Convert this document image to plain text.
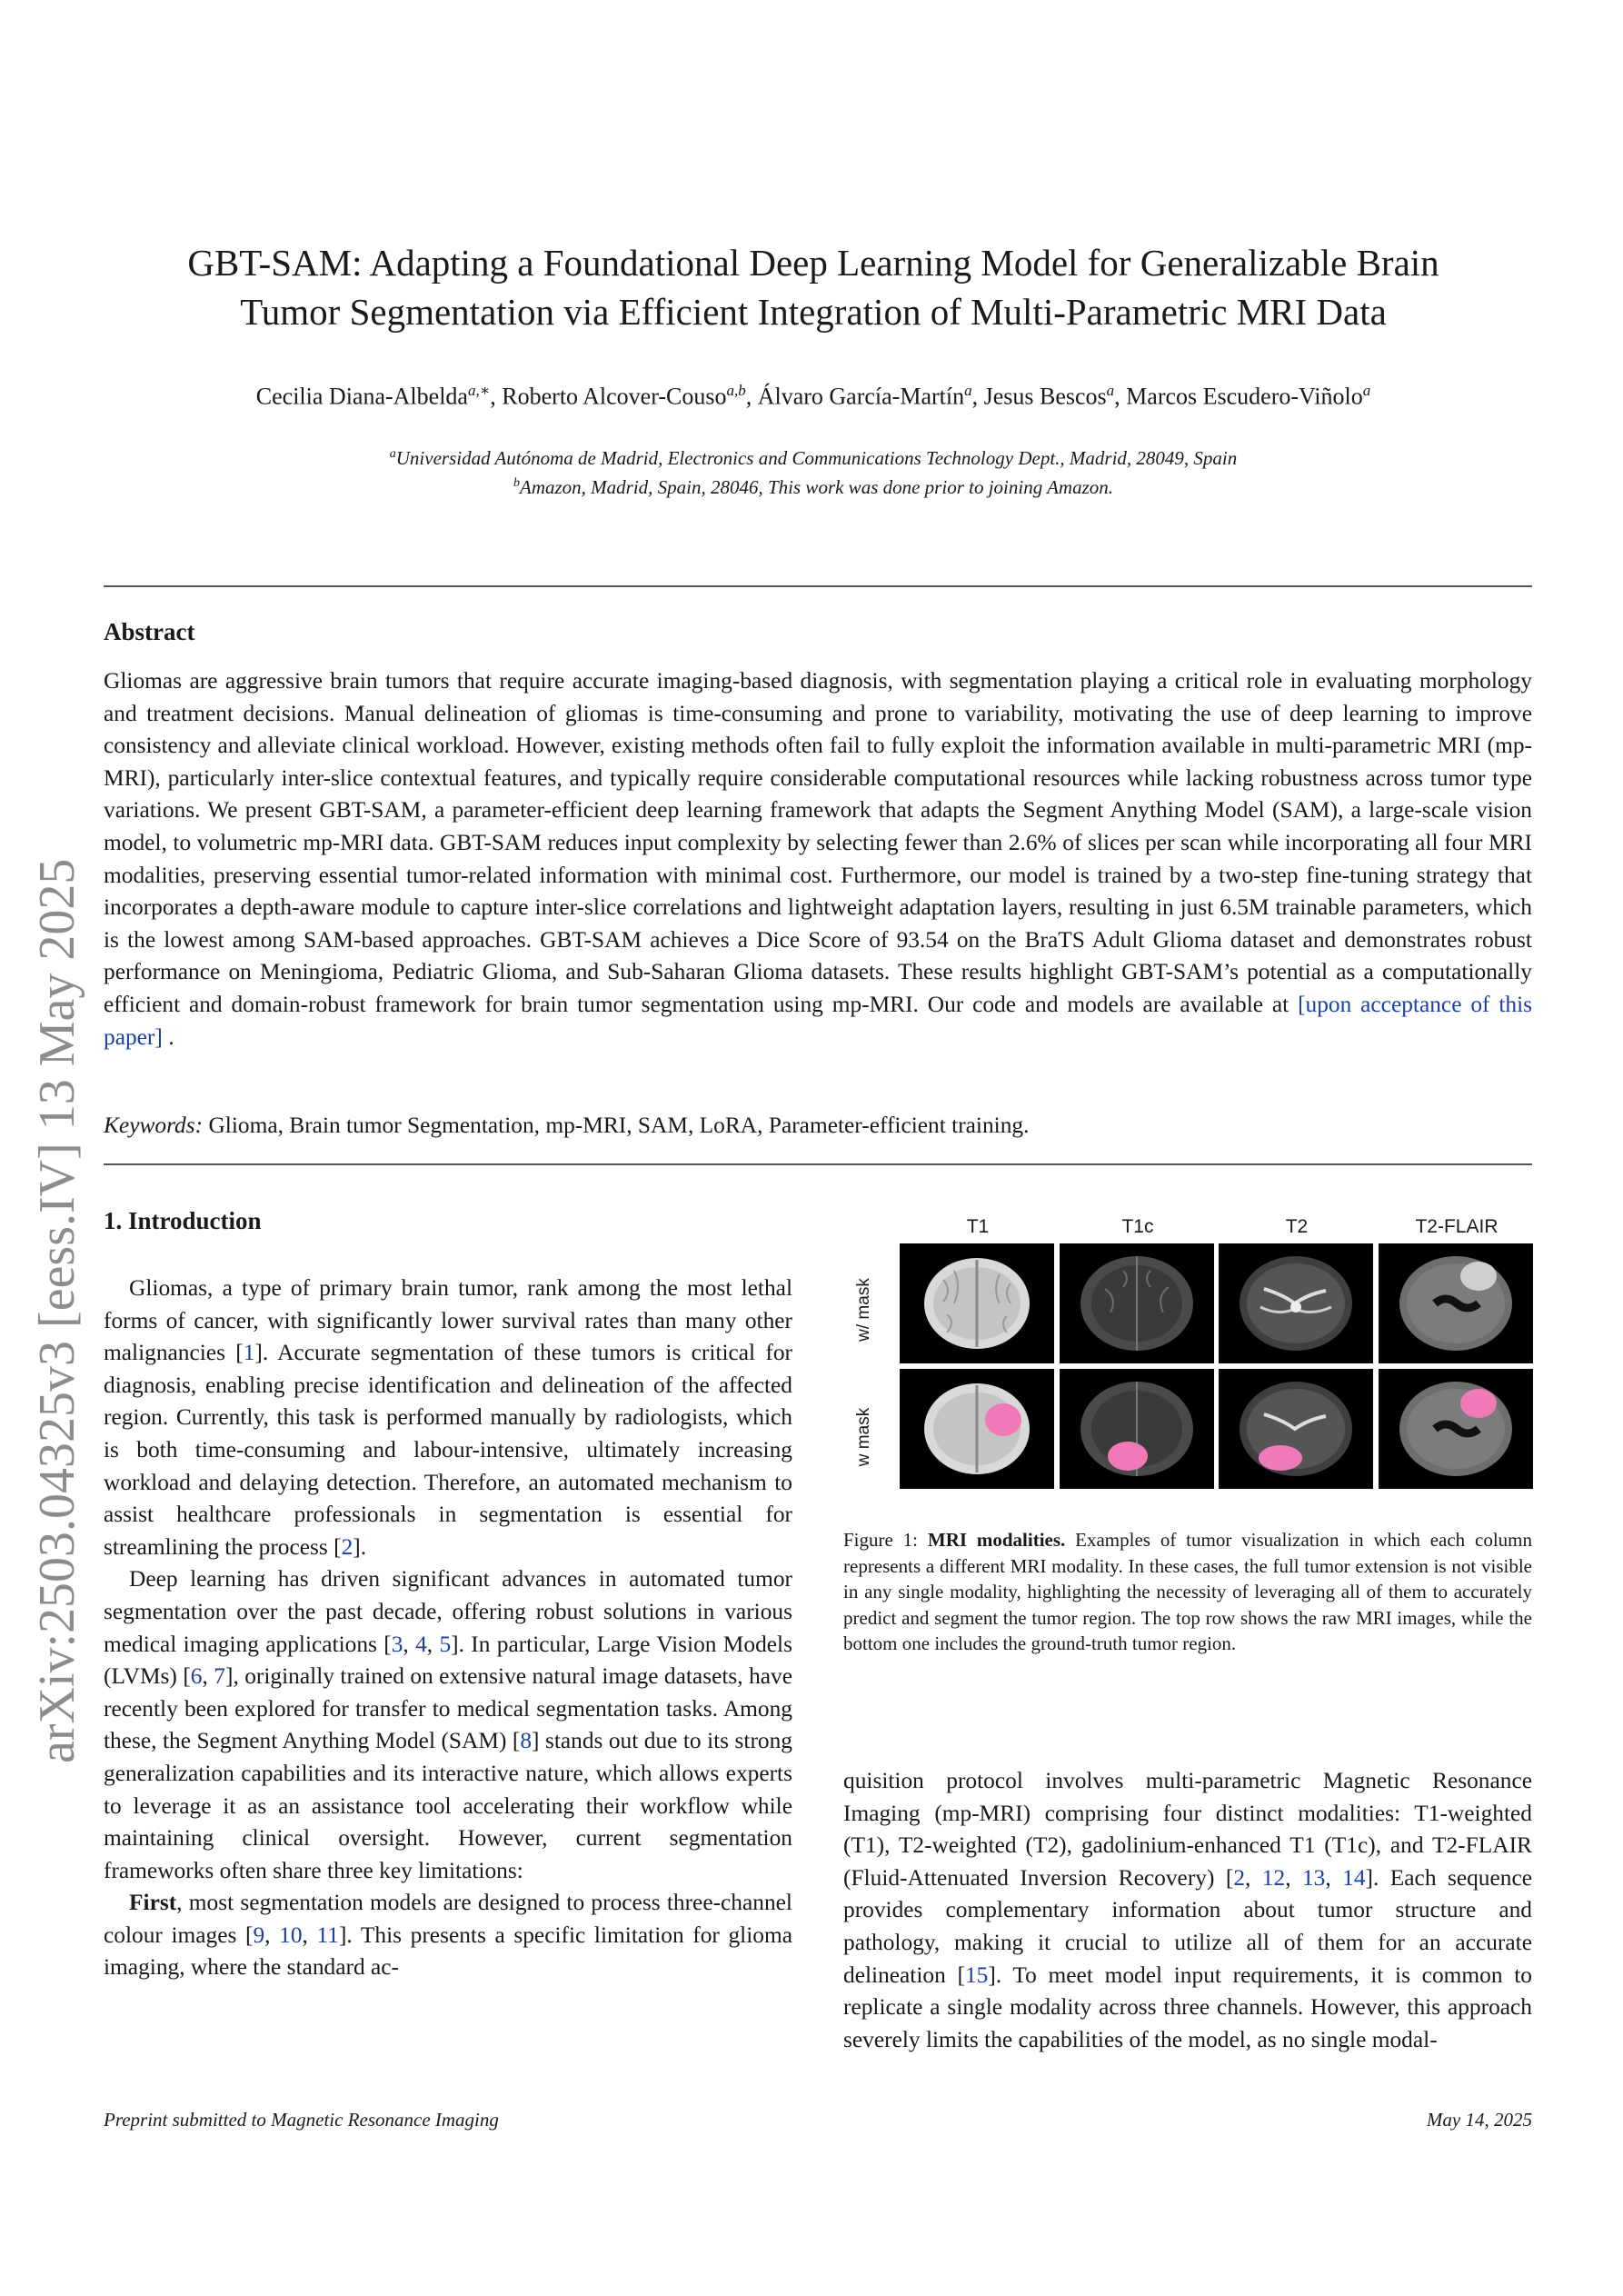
arXiv:2503.04325v3 [eess.IV] 13 May 2025
GBT-SAM: Adapting a Foundational Deep Learning Model for Generalizable Brain
Tumor Segmentation via Efficient Integration of Multi-Parametric MRI Data
Cecilia Diana-Albelda$^{a,∗}$, Roberto Alcover-Couso$^{a,b}$, Álvaro García-Martín$^a$, Jesus Bescos$^a$, Marcos Escudero-Viñolo$^a$
$^a$Universidad Autónoma de Madrid, Electronics and Communications Technology Dept., Madrid, 28049, Spain
$^b$Amazon, Madrid, Spain, 28046, This work was done prior to joining Amazon.
Abstract
Gliomas are aggressive brain tumors that require accurate imaging-based diagnosis, with segmentation playing a critical role in evaluating morphology and treatment decisions. Manual delineation of gliomas is time-consuming and prone to variability, motivating the use of deep learning to improve consistency and alleviate clinical workload. However, existing methods often fail to fully exploit the information available in multi-parametric MRI (mp-MRI), particularly inter-slice contextual features, and typically require considerable computational resources while lacking robustness across tumor type variations. We present GBT-SAM, a parameter-efficient deep learning framework that adapts the Segment Anything Model (SAM), a large-scale vision model, to volumetric mp-MRI data. GBT-SAM reduces input complexity by selecting fewer than 2.6% of slices per scan while incorporating all four MRI modalities, preserving essential tumor-related information with minimal cost. Furthermore, our model is trained by a two-step fine-tuning strategy that incorporates a depth-aware module to capture inter-slice correlations and lightweight adaptation layers, resulting in just 6.5M trainable parameters, which is the lowest among SAM-based approaches. GBT-SAM achieves a Dice Score of 93.54 on the BraTS Adult Glioma dataset and demonstrates robust performance on Meningioma, Pediatric Glioma, and Sub-Saharan Glioma datasets. These results highlight GBT-SAM’s potential as a computationally efficient and domain-robust framework for brain tumor segmentation using mp-MRI. Our code and models are available at [upon acceptance of this paper] .
Keywords: Glioma, Brain tumor Segmentation, mp-MRI, SAM, LoRA, Parameter-efficient training.
1. Introduction

Gliomas, a type of primary brain tumor, rank among the most lethal forms of cancer, with significantly lower survival rates than many other malignancies [1]. Accurate segmentation of these tumors is critical for diagnosis, enabling precise identification and delineation of the affected region. Currently, this task is performed manually by radiologists, which is both time-consuming and labour-intensive, ultimately increasing workload and delaying detection. Therefore, an automated mechanism to assist healthcare professionals in segmentation is essential for streamlining the process [2].

Deep learning has driven significant advances in automated tumor segmentation over the past decade, offering robust solutions in various medical imaging applications [3, 4, 5]. In particular, Large Vision Models (LVMs) [6, 7], originally trained on extensive natural image datasets, have recently been explored for transfer to medical segmentation tasks. Among these, the Segment Anything Model (SAM) [8] stands out due to its strong generalization capabilities and its interactive nature, which allows experts to leverage it as an assistance tool accelerating their workflow while maintaining clinical oversight. However, current segmentation frameworks often share three key limitations:

First, most segmentation models are designed to process three-channel colour images [9, 10, 11]. This presents a specific limitation for glioma imaging, where the standard ac-

T1	T1c	T2	T2-FLAIR
w/ mask
w mask
Figure 1: MRI modalities. Examples of tumor visualization in which each column represents a different MRI modality. In these cases, the full tumor extension is not visible in any single modality, highlighting the necessity of leveraging all of them to accurately predict and segment the tumor region. The top row shows the raw MRI images, while the bottom one includes the ground-truth tumor region.

quisition protocol involves multi-parametric Magnetic Resonance Imaging (mp-MRI) comprising four distinct modalities: T1-weighted (T1), T2-weighted (T2), gadolinium-enhanced T1 (T1c), and T2-FLAIR (Fluid-Attenuated Inversion Recovery) [2, 12, 13, 14]. Each sequence provides complementary information about tumor structure and pathology, making it crucial to utilize all of them for an accurate delineation [15]. To meet model input requirements, it is common to replicate a single modality across three channels. However, this approach severely limits the capabilities of the model, as no single modal-

Preprint submitted to Magnetic Resonance Imaging	May 14, 2025
